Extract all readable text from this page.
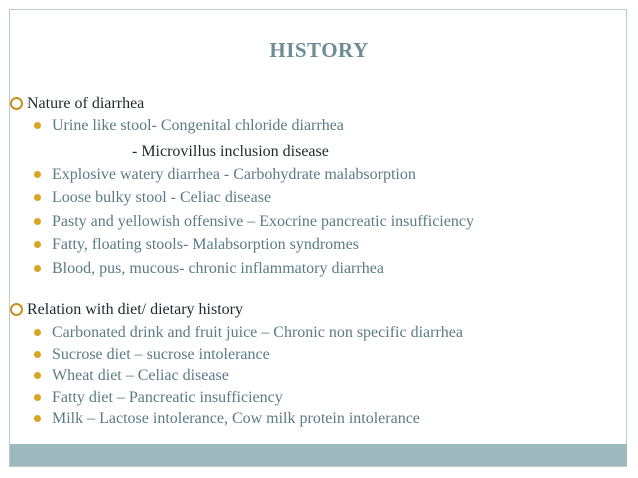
HISTORY
Nature of diarrhea
Urine like stool- Congenital chloride diarrhea
- Microvillus inclusion disease
Explosive watery diarrhea - Carbohydrate malabsorption
Loose bulky stool - Celiac disease
Pasty and yellowish offensive – Exocrine pancreatic insufficiency
Fatty, floating stools- Malabsorption syndromes
Blood, pus, mucous- chronic inflammatory diarrhea
Relation with diet/ dietary history
Carbonated drink and fruit juice – Chronic non specific diarrhea
Sucrose diet – sucrose intolerance
Wheat diet – Celiac disease
Fatty diet – Pancreatic insufficiency
Milk – Lactose intolerance, Cow milk protein intolerance
